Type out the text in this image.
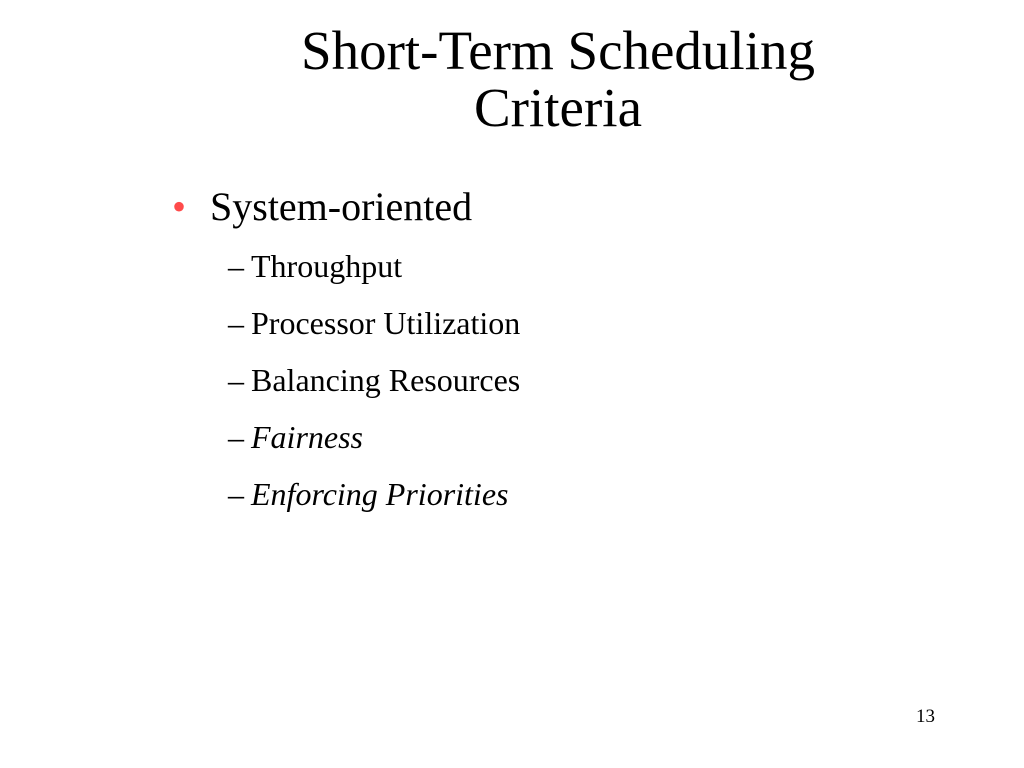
Short-Term Scheduling
Criteria
• System-oriented
– Throughput
– Processor Utilization
– Balancing Resources
– Fairness
– Enforcing Priorities
13
